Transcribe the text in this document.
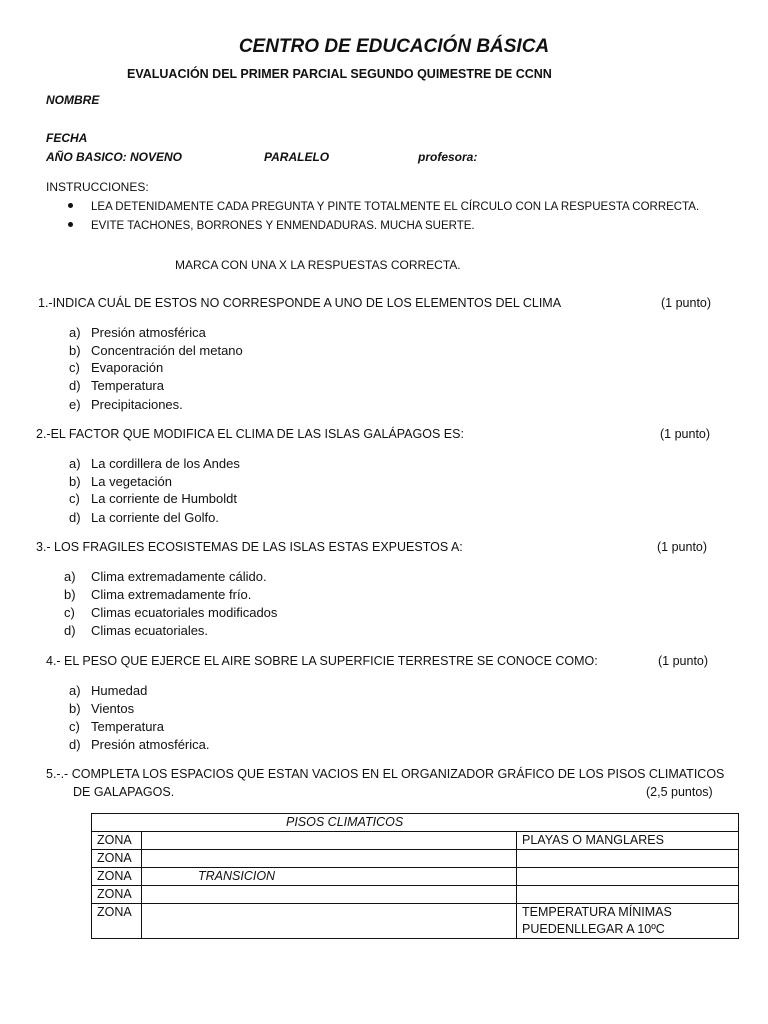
CENTRO DE EDUCACIÓN BÁSICA
EVALUACIÓN DEL PRIMER PARCIAL SEGUNDO QUIMESTRE DE CCNN
NOMBRE
FECHA
AÑO BASICO: NOVENO	PARALELO	profesora:
INSTRUCCIONES:
LEA DETENIDAMENTE CADA PREGUNTA Y PINTE TOTALMENTE EL CÍRCULO CON LA RESPUESTA CORRECTA.
EVITE TACHONES, BORRONES Y ENMENDADURAS. MUCHA SUERTE.
MARCA CON UNA X LA RESPUESTAS CORRECTA.
1.-INDICA CUÁL DE ESTOS NO CORRESPONDE A UNO DE LOS ELEMENTOS DEL CLIMA	(1 punto)
a) Presión atmosférica
b) Concentración del metano
c) Evaporación
d) Temperatura
e) Precipitaciones.
2.-EL FACTOR QUE MODIFICA EL CLIMA DE LAS ISLAS GALÁPAGOS ES:	(1 punto)
a) La cordillera de los Andes
b) La vegetación
c) La corriente de Humboldt
d) La corriente del Golfo.
3.- LOS FRAGILES ECOSISTEMAS DE LAS ISLAS ESTAS EXPUESTOS A:	(1 punto)
a) Clima extremadamente cálido.
b) Clima extremadamente frío.
c) Climas ecuatoriales modificados
d) Climas ecuatoriales.
4.- EL PESO QUE EJERCE EL AIRE SOBRE LA SUPERFICIE TERRESTRE SE CONOCE COMO:	(1 punto)
a) Humedad
b) Vientos
c) Temperatura
d) Presión atmosférica.
5.-.- COMPLETA LOS ESPACIOS QUE ESTAN VACIOS EN EL ORGANIZADOR GRÁFICO DE LOS PISOS CLIMATICOS
DE GALAPAGOS.	(2,5 puntos)
PISOS CLIMATICOS		
ZONA		PLAYAS O MANGLARES
ZONA		
ZONA	TRANSICION	
ZONA		
ZONA		TEMPERATURA MÍNIMAS
PUEDENLLEGAR A 10ºC
